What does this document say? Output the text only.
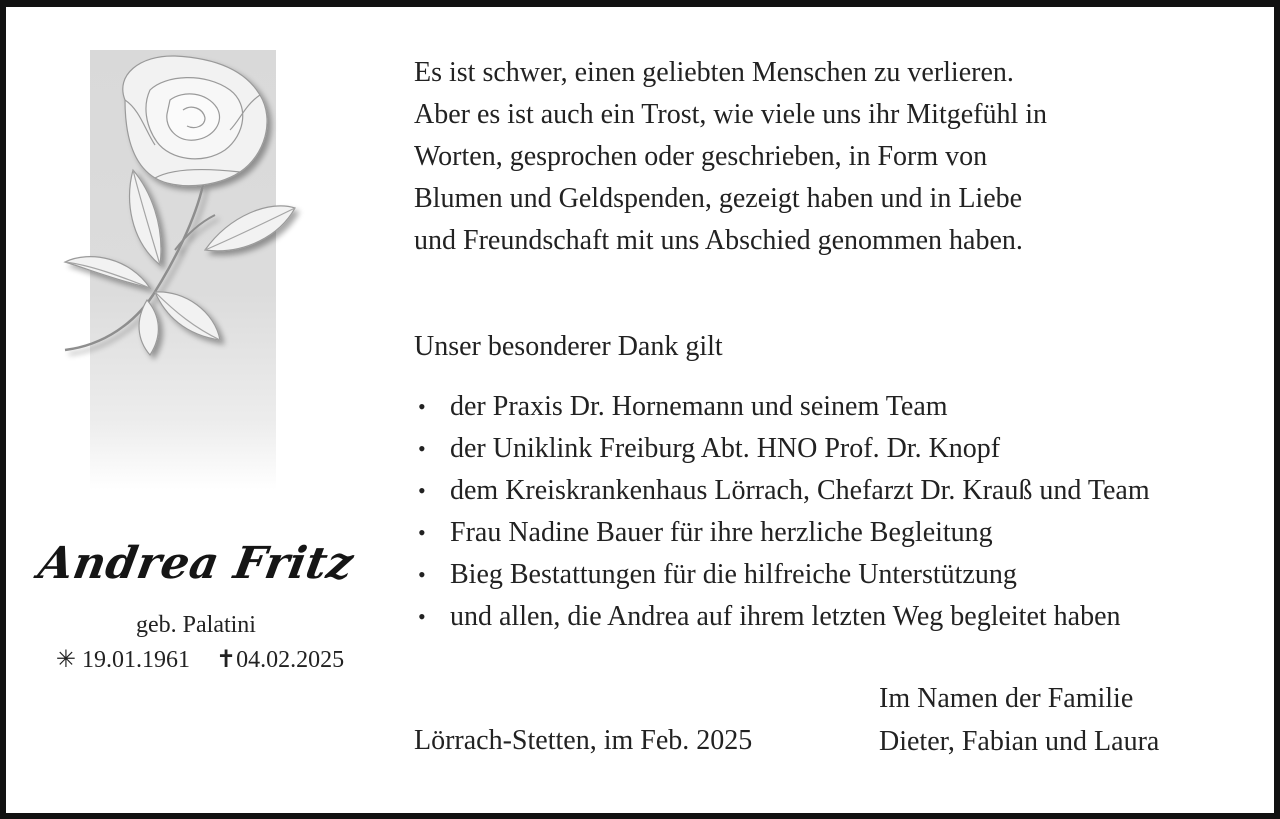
Andrea Fritz
geb. Palatini
✳ 19.01.1961 ✝04.02.2025
Es ist schwer, einen geliebten Menschen zu verlieren.
Aber es ist auch ein Trost, wie viele uns ihr Mitgefühl in
Worten, gesprochen oder geschrieben, in Form von
Blumen und Geldspenden, gezeigt haben und in Liebe
und Freundschaft mit uns Abschied genommen haben.
Unser besonderer Dank gilt
• der Praxis Dr. Hornemann und seinem Team
• der Uniklink Freiburg Abt. HNO Prof. Dr. Knopf
• dem Kreiskrankenhaus Lörrach, Chefarzt Dr. Krauß und Team
• Frau Nadine Bauer für ihre herzliche Begleitung
• Bieg Bestattungen für die hilfreiche Unterstützung
• und allen, die Andrea auf ihrem letzten Weg begleitet haben
Lörrach-Stetten, im Feb. 2025
Im Namen der Familie
Dieter, Fabian und Laura
